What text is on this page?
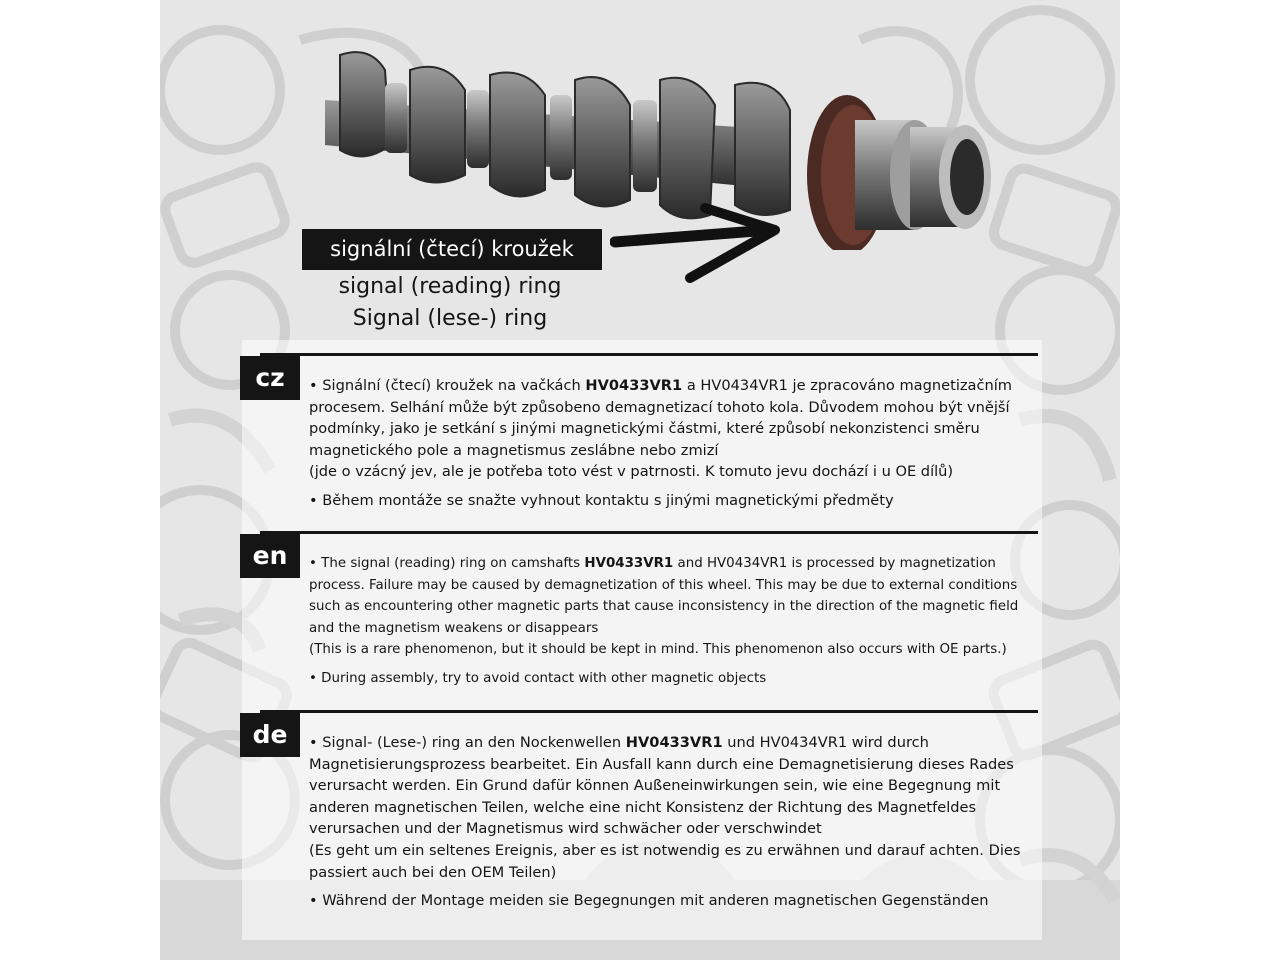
signální (čtecí) kroužek
signal (reading) ring
Signal (lese-) ring
cz	• Signální (čtecí) kroužek na vačkách HV0433VR1 a HV0434VR1 je zpracováno magnetizačním procesem. Selhání může být způsobeno demagnetizací tohoto kola. Důvodem mohou být vnější podmínky, jako je setkání s jinými magnetickými částmi, které způsobí nekonzistenci směru magnetického pole a magnetismus zeslábne nebo zmizí

(jde o vzácný jev, ale je potřeba toto vést v patrnosti. K tomuto jevu dochází i u OE dílů)

• Během montáže se snažte vyhnout kontaktu s jinými magnetickými předměty

en	• The signal (reading) ring on camshafts HV0433VR1 and HV0434VR1 is processed by magnetization process. Failure may be caused by demagnetization of this wheel. This may be due to external conditions such as encountering other magnetic parts that cause inconsistency in the direction of the magnetic field and the magnetism weakens or disappears

(This is a rare phenomenon, but it should be kept in mind. This phenomenon also occurs with OE parts.)

• During assembly, try to avoid contact with other magnetic objects

de	• Signal- (Lese-) ring an den Nockenwellen HV0433VR1 und HV0434VR1 wird durch Magnetisierungsprozess bearbeitet. Ein Ausfall kann durch eine Demagnetisierung dieses Rades verursacht werden. Ein Grund dafür können Außeneinwirkungen sein, wie eine Begegnung mit anderen magnetischen Teilen, welche eine nicht Konsistenz der Richtung des Magnetfeldes verursachen und der Magnetismus wird schwächer oder verschwindet

(Es geht um ein seltenes Ereignis, aber es ist notwendig es zu erwähnen und darauf achten. Dies passiert auch bei den OEM Teilen)

• Während der Montage meiden sie Begegnungen mit anderen magnetischen Gegenständen
